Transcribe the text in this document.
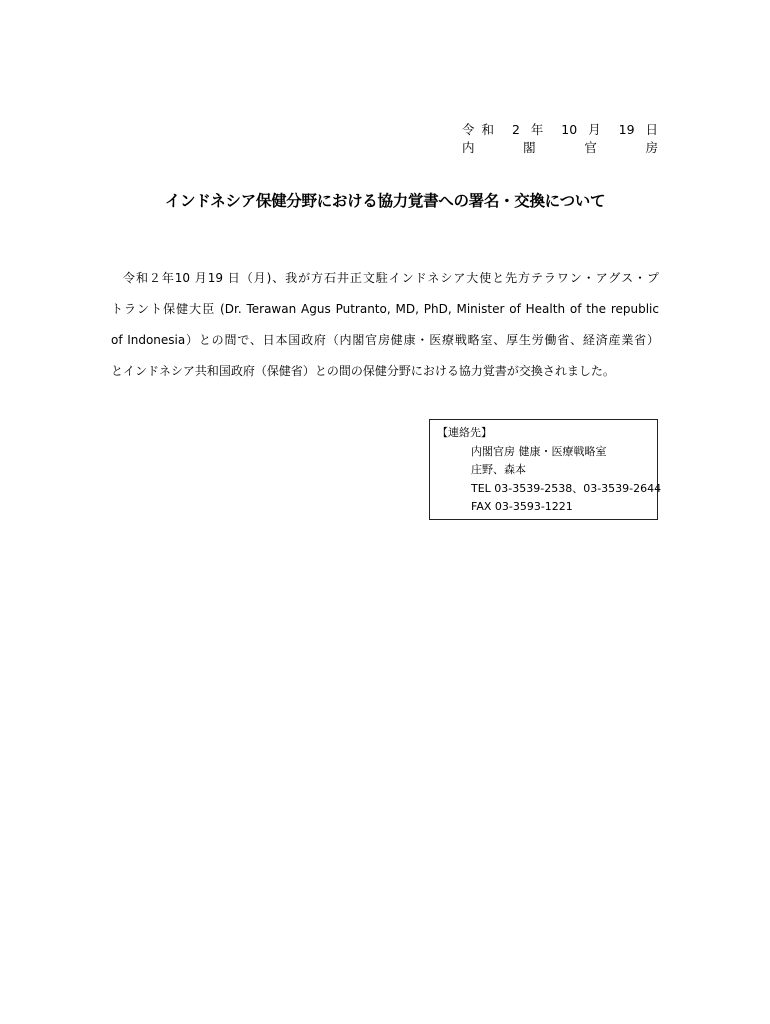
令和 2 年 10 月 19 日
内 閣 官 房
インドネシア保健分野における協力覚書への署名・交換について
令和２年10 月19 日（月)、我が方石井正文駐インドネシア大使と先方テラワン・アグス・プ
トラント保健大臣 (Dr. Terawan Agus Putranto, MD, PhD, Minister of Health of the republic
of Indonesia）との間で、日本国政府（内閣官房健康・医療戦略室、厚生労働省、経済産業省）
とインドネシア共和国政府（保健省）との間の保健分野における協力覚書が交換されました。
【連絡先】
内閣官房 健康・医療戦略室
庄野、森本
TEL 03-3539-2538、03-3539-2644
FAX 03-3593-1221
